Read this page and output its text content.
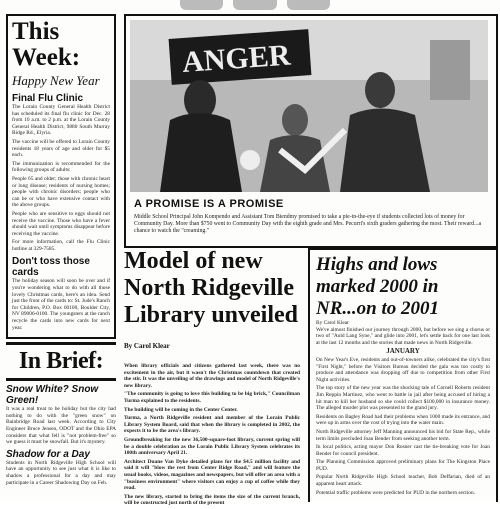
This Week:
Happy New Year
Final Flu Clinic

The Lorain County General Health District has scheduled its final flu clinic for Dec. 28 from 10 a.m. to 2 p.m. at the Lorain County General Health District, 9880 South Murray Ridge Rd., Elyria.

The vaccine will be offered to Lorain County residents 18 years of age and older for $5 each.

The immunization is recommended for the following groups of adults:

People 65 and older; those with chronic heart or lung disease; residents of nursing homes; people with chronic disorders; people who can be or who have extensive contact with the above groups.

People who are sensitive to eggs should not receive the vaccine. Those who have a fever should wait until symptoms disappear before receiving the vaccine.

For more information, call the Flu Clinic hotline at 329-7585.

Don't toss those cards

The holiday season will soon be over and if you're wondering what to do with all those lovely Christmas cards, here's an idea. Send just the front of the cards to: St. Jude's Ranch for Children, P.O. Box 60100, Boulder City, NV 89006-0100. The youngsters at the ranch recycle the cards into new cards for next year.

In Brief:
Snow White? Snow Green!

It was a real treat to be holiday but the city had nothing to do with the "green snow" on Bainbridge Road last week. According to City Engineer Bruce Jensen, ODOT and the Ohio EPA considers that what fell is "not problem-free" so we guess it must be snowfall. But it's mystery.

Shadow for a Day

Students in North Ridgeville High School will have an opportunity to see just what it is like to shadow a professional for a day and may participate in a Career Shadowing Day on Feb.

ANGER
A PROMISE IS A PROMISE
Middle School Principal John Kompendo and Assistant Tom Biendmy promised to take a pie-in-the-eye if students collected lots of money for Community Day. More than $750 went to Community Day with the eighth grade and Mrs. Pecurri's sixth graders gathering the most. Their reward...a chance to watch the "creaming."
Model of new North Ridgeville Library unveiled
By Carol Klear

When library officials and citizens gathered last week, there was no excitement in the air, but it wasn't the Christmas countdown that created the stir. It was the unveiling of the drawings and model of North Ridgeville's new library.

"The community is going to love this building to be big brick," Councilman Turma explained to the residents.

The building will be coming in the Center Center.

Turma, a North Ridgeville resident and member of the Lorain Public Library System Board, said that when the library is completed in 2002, the expects it to be the area's library.

Groundbreaking for the new 36,500-square-foot library, current spring will be a double celebration as the Lorain Public Library System celebrates its 100th anniversary April 21.

Architect Duane Van Dyke detailed plans for the $4.5 million facility and said it will "blow the rest from Center Ridge Road," and will feature the usual books, videos, magazines and newspapers, but will offer an area with a "business environment" where visitors can enjoy a cup of coffee while they read.

The new library, started to bring the items the size of the current branch, will be constructed just north of the present

Highs and lows marked 2000 in NR...on to 2001
By Carol Klear

We've almost finished our journey through 2000, but before we sing a chorus or two of "Auld Lang Syne," and glide into 2001, let's settle back for one last look at the last 12 months and the stories that made news in North Ridgeville.

JANUARY

On New Year's Eve, residents and out-of-towners alike, celebrated the city's first "First Night," before the Visitors Bureau decided the gala was too costly to produce and attendance was dropping off due to competition from other First Night activities.

The top story of the new year was the shocking tale of Cornell Roberts resident Jim Reppin Martinez, who went to battle in jail after being accused of hiring a hit man to kill her husband so she could collect $100,000 in insurance money. The alleged murder plot was presented to the grand jury.

Residents on Bagley Road had their problems when 1000 made its entrance, and were up in arms over the cost of trying into the water main.

North Ridgeville attorney Jeff Manning announced his bid for State Rep., while term limits precluded Joan Bender from seeking another term.

In local politics, acting mayor Don Rosner cast the tie-breaking vote for Joan Bender for council president.

The Planning Commission approved preliminary plans for The Kingston Place PUD.

Popular North Ridgeville High School teacher, Bob Deffarian, died of an apparent heart attack.

Potential traffic problems were predicted for PUD in the northern section.
